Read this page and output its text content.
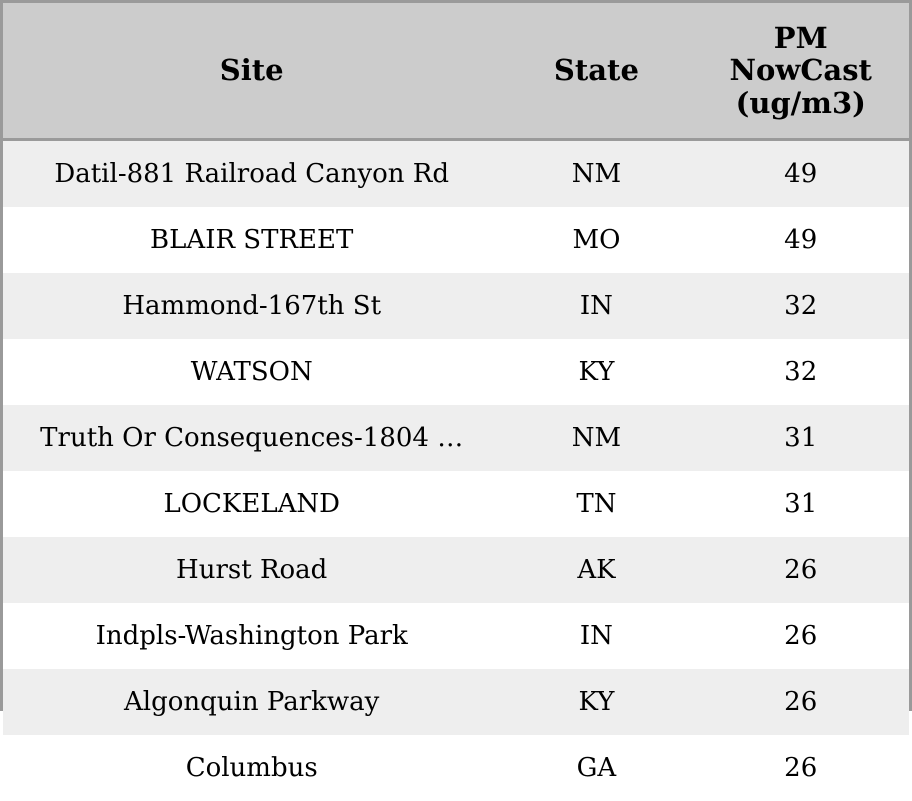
Site	State	PM
NowCast
(ug/m3)

Datil-881 Railroad Canyon Rd	NM	49
BLAIR STREET	MO	49
Hammond-167th St	IN	32
WATSON	KY	32
Truth Or Consequences-1804 …	NM	31
LOCKELAND	TN	31
Hurst Road	AK	26
Indpls-Washington Park	IN	26
Algonquin Parkway	KY	26
Columbus	GA	26
